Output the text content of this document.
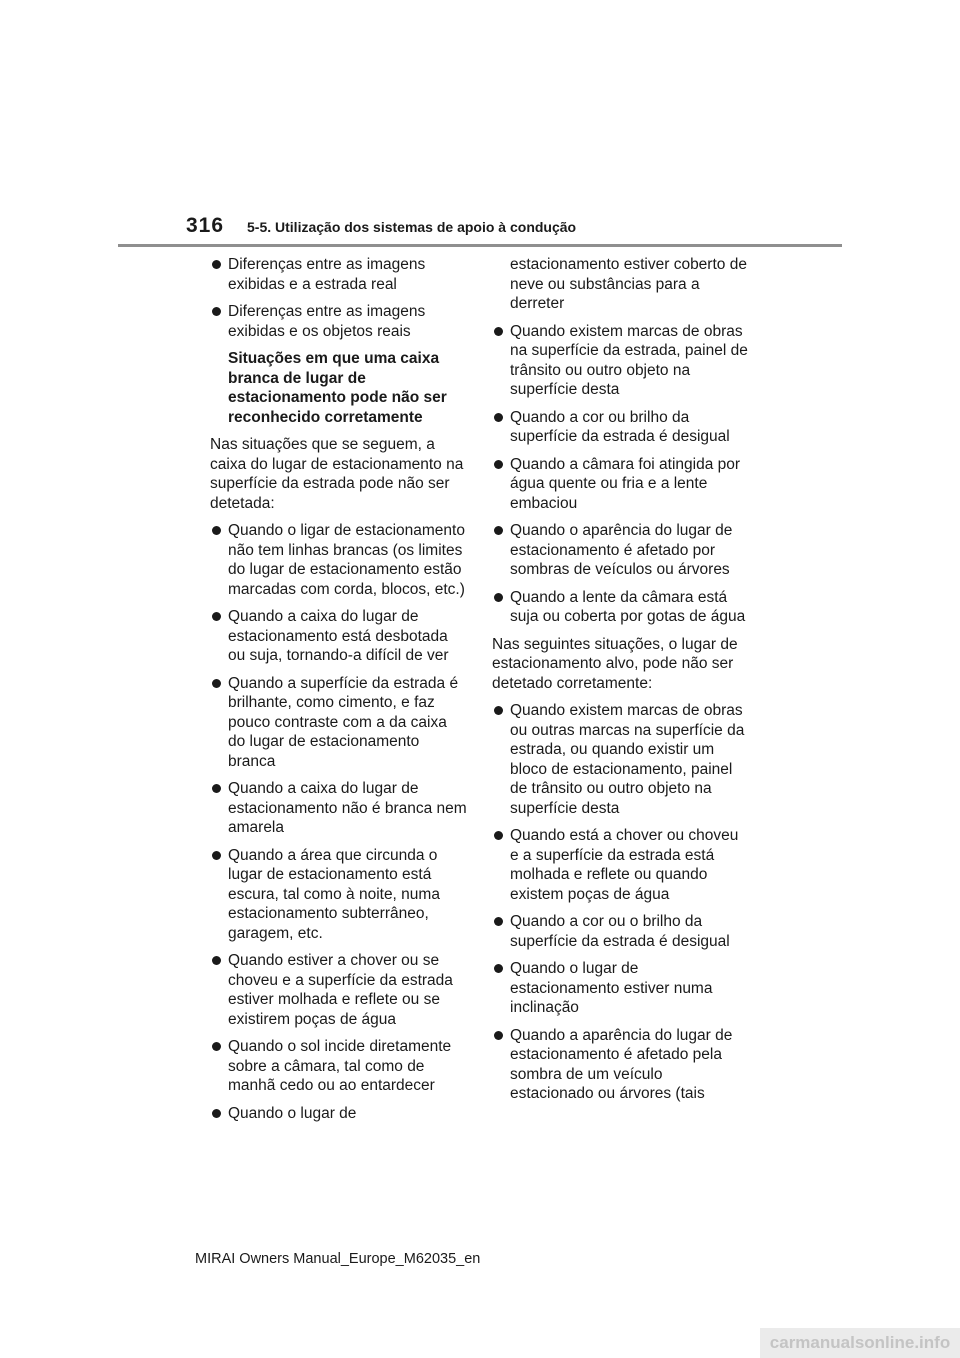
316 5-5. Utilização dos sistemas de apoio à condução

Diferenças entre as imagens exibidas e a estrada real

Diferenças entre as imagens exibidas e os objetos reais

Situações em que uma caixa branca de lugar de estacionamento pode não ser reconhecido corretamente

Nas situações que se seguem, a caixa do lugar de estacionamento na superfície da estrada pode não ser detetada:

Quando o ligar de estacionamento não tem linhas brancas (os limites do lugar de estacionamento estão marcadas com corda, blocos, etc.)

Quando a caixa do lugar de estacionamento está desbotada ou suja, tornando-a difícil de ver

Quando a superfície da estrada é brilhante, como cimento, e faz pouco contraste com a da caixa do lugar de estacionamento branca

Quando a caixa do lugar de estacionamento não é branca nem amarela

Quando a área que circunda o lugar de estacionamento está escura, tal como à noite, numa estacionamento subterrâneo, garagem, etc.

Quando estiver a chover ou se choveu e a superfície da estrada estiver molhada e reflete ou se existirem poças de água

Quando o sol incide diretamente sobre a câmara, tal como de manhã cedo ou ao entardecer

Quando o lugar de

estacionamento estiver coberto de neve ou substâncias para a derreter

Quando existem marcas de obras na superfície da estrada, painel de trânsito ou outro objeto na superfície desta

Quando a cor ou brilho da superfície da estrada é desigual

Quando a câmara foi atingida por água quente ou fria e a lente embaciou

Quando o aparência do lugar de estacionamento é afetado por sombras de veículos ou árvores

Quando a lente da câmara está suja ou coberta por gotas de água

Nas seguintes situações, o lugar de estacionamento alvo, pode não ser detetado corretamente:

Quando existem marcas de obras ou outras marcas na superfície da estrada, ou quando existir um bloco de estacionamento, painel de trânsito ou outro objeto na superfície desta

Quando está a chover ou choveu e a superfície da estrada está molhada e reflete ou quando existem poças de água

Quando a cor ou o brilho da superfície da estrada é desigual

Quando o lugar de estacionamento estiver numa inclinação

Quando a aparência do lugar de estacionamento é afetado pela sombra de um veículo estacionado ou árvores (tais

MIRAI Owners Manual_Europe_M62035_en
carmanualsonline.info
